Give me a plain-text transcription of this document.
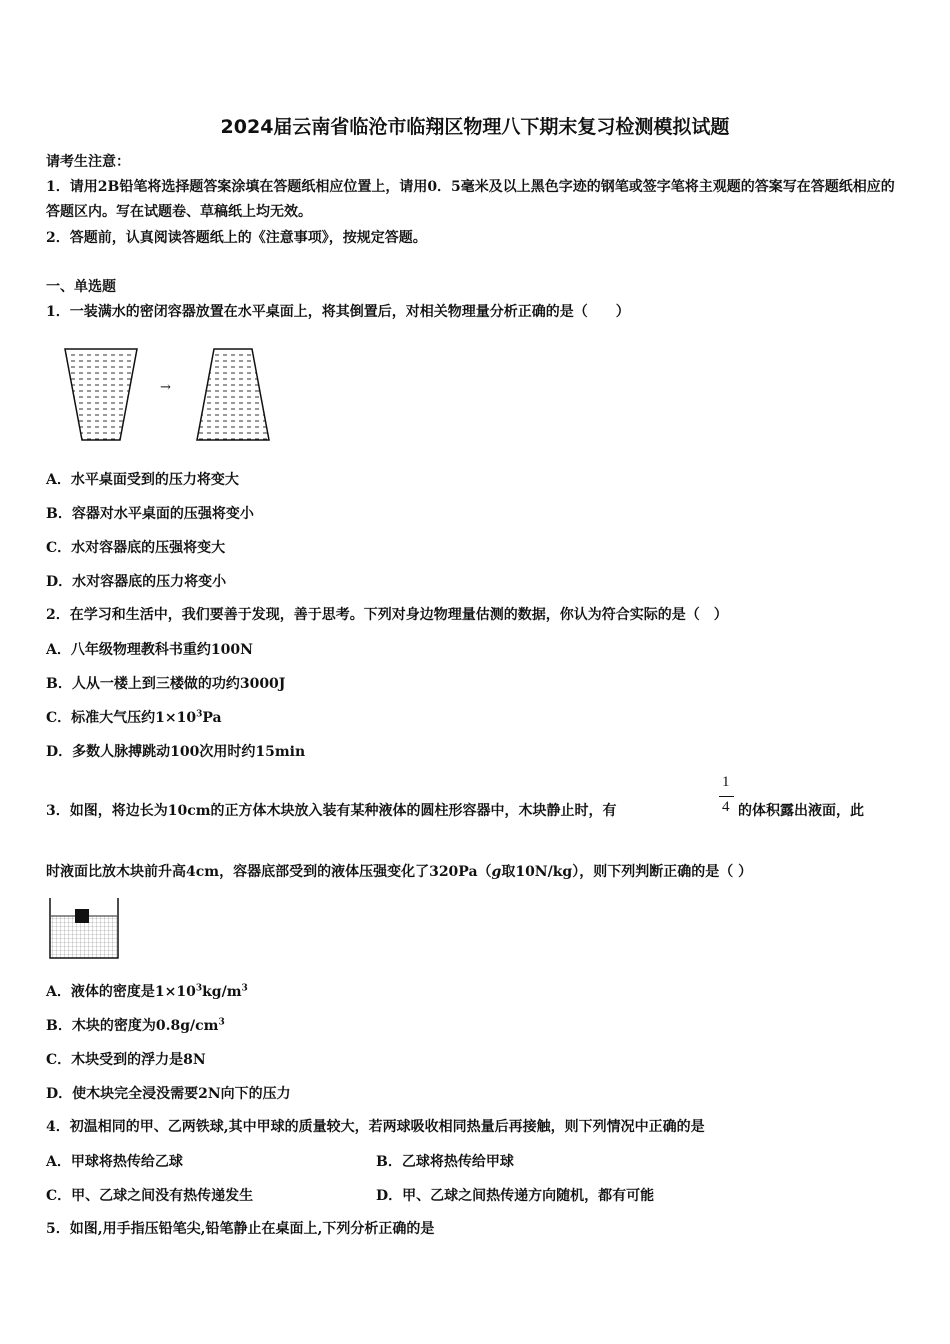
2024届云南省临沧市临翔区物理八下期末复习检测模拟试题
请考生注意：
1．请用2B铅笔将选择题答案涂填在答题纸相应位置上，请用0．5毫米及以上黑色字迹的钢笔或签字笔将主观题的答案写在答题纸相应的答题区内。写在试题卷、草稿纸上均无效。
2．答题前，认真阅读答题纸上的《注意事项》，按规定答题。
一、单选题
1．一装满水的密闭容器放置在水平桌面上，将其倒置后，对相关物理量分析正确的是（　　）
→
A．水平桌面受到的压力将变大
B．容器对水平桌面的压强将变小
C．水对容器底的压强将变大
D．水对容器底的压力将变小
2．在学习和生活中，我们要善于发现，善于思考。下列对身边物理量估测的数据，你认为符合实际的是（　）
A．八年级物理教科书重约100N
B．人从一楼上到三楼做的功约3000J
C．标准大气压约$1\times 10^3Pa$
D．多数人脉搏跳动100次用时约15min
3．如图，将边长为10cm的正方体木块放入装有某种液体的圆柱形容器中，木块静止时，有
1
4 的体积露出液面，此
时液面比放木块前升高4cm，容器底部受到的液体压强变化了320Pa（g取10N/kg），则下列判断正确的是（ ）
A．液体的密度是$1\times 10^3kg/m^3$
B．木块的密度为$0.8g/cm^3$
C．木块受到的浮力是8N
D．使木块完全浸没需要2N向下的压力
4．初温相同的甲、乙两铁球,其中甲球的质量较大，若两球吸收相同热量后再接触，则下列情况中正确的是
A．甲球将热传给乙球	B．乙球将热传给甲球
C．甲、乙球之间没有热传递发生	D．甲、乙球之间热传递方向随机，都有可能
5．如图,用手指压铅笔尖,铅笔静止在桌面上,下列分析正确的是
